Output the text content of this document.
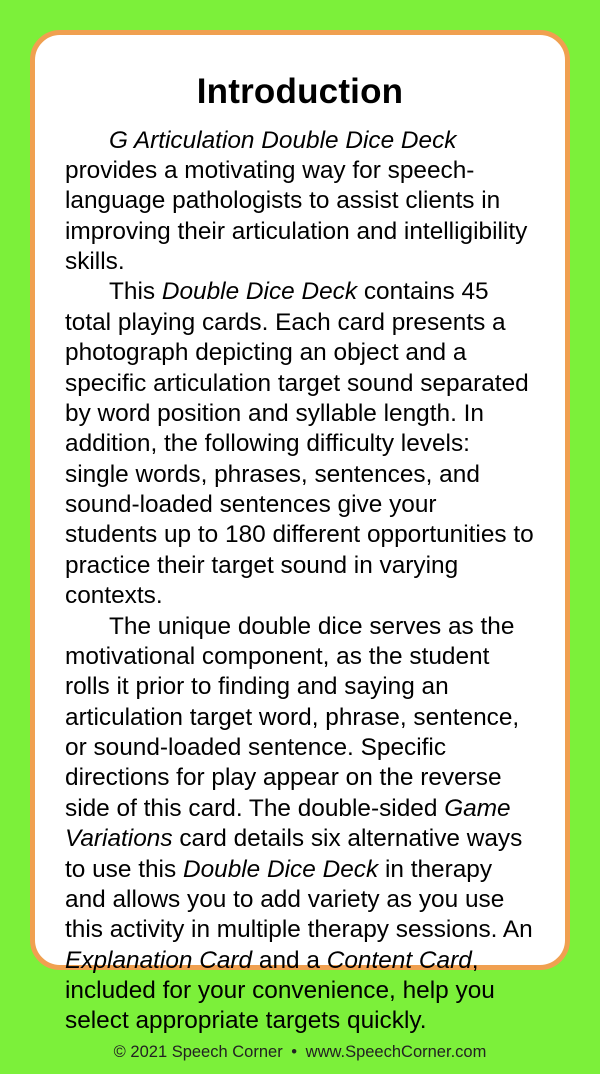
Introduction

G Articulation Double Dice Deck provides a motivating way for speech-language pathologists to assist clients in improving their articulation and intelligibility skills.

This Double Dice Deck contains 45 total playing cards. Each card presents a photograph depicting an object and a specific articulation target sound separated by word position and syllable length. In addition, the following difficulty levels: single words, phrases, sentences, and sound-loaded sentences give your students up to 180 different opportunities to practice their target sound in varying contexts.

The unique double dice serves as the motivational component, as the student rolls it prior to finding and saying an articulation target word, phrase, sentence, or sound-loaded sentence. Specific directions for play appear on the reverse side of this card. The double-sided Game Variations card details six alternative ways to use this Double Dice Deck in therapy and allows you to add variety as you use this activity in multiple therapy sessions. An Explanation Card and a Content Card, included for your convenience, help you select appropriate targets quickly.

© 2021 Speech Corner • www.SpeechCorner.com
